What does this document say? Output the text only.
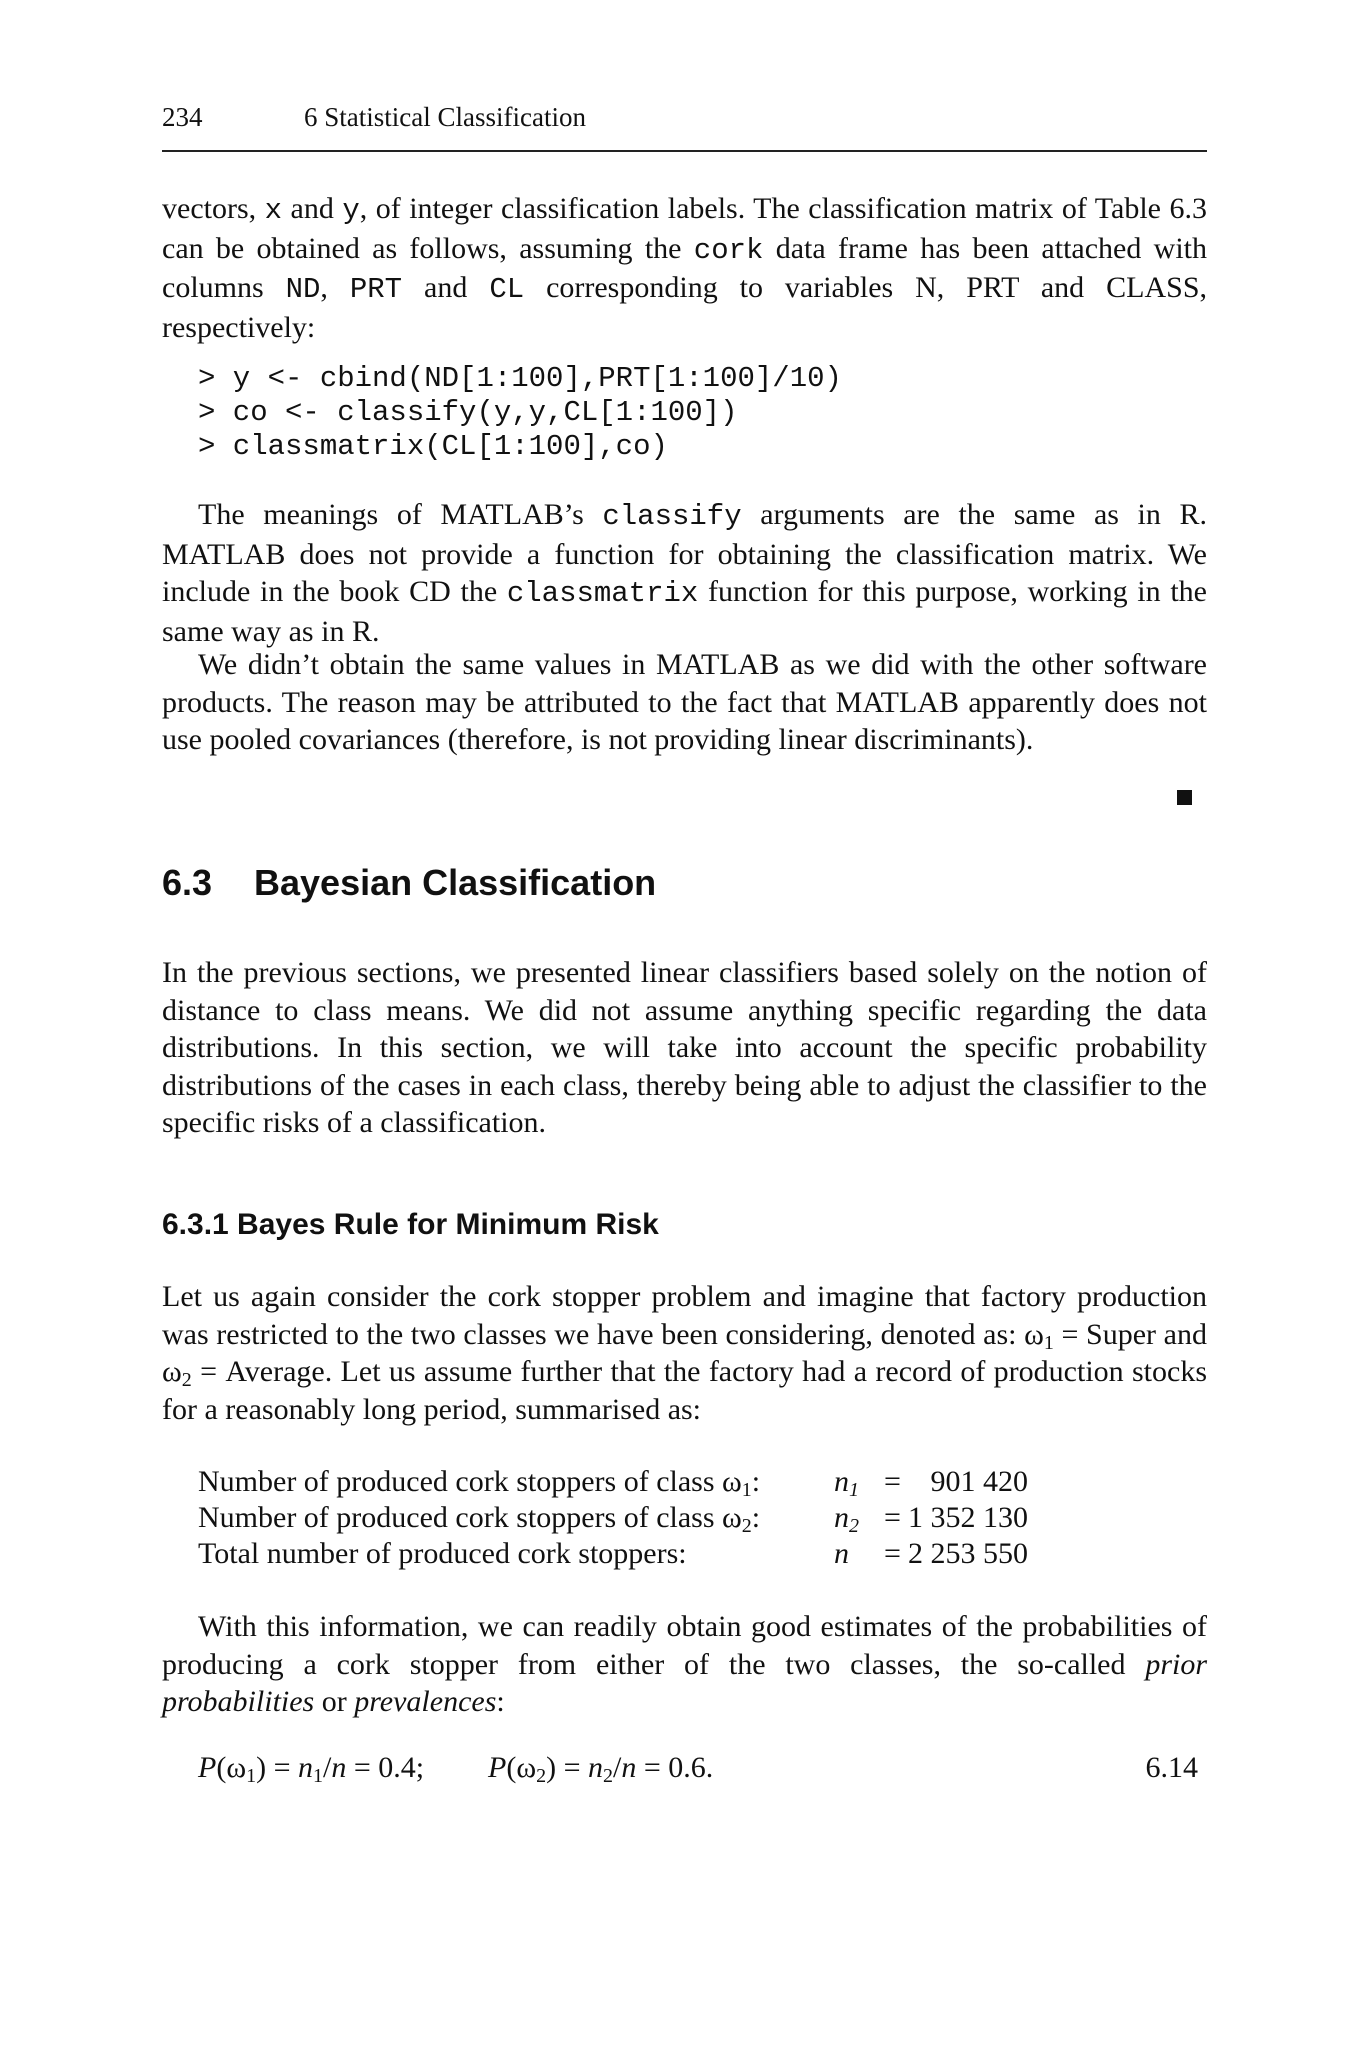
234	6 Statistical Classification

vectors, x and y, of integer classification labels. The classification matrix of Table 6.3 can be obtained as follows, assuming the cork data frame has been attached with columns ND, PRT and CL corresponding to variables N, PRT and CLASS, respectively:

> y <- cbind(ND[1:100],PRT[1:100]/10)
> co <- classify(y,y,CL[1:100])
> classmatrix(CL[1:100],co)

The meanings of MATLAB’s classify arguments are the same as in R. MATLAB does not provide a function for obtaining the classification matrix. We include in the book CD the classmatrix function for this purpose, working in the same way as in R.

We didn’t obtain the same values in MATLAB as we did with the other software products. The reason may be attributed to the fact that MATLAB apparently does not use pooled covariances (therefore, is not providing linear discriminants).

6.3 Bayesian Classification

In the previous sections, we presented linear classifiers based solely on the notion of distance to class means. We did not assume anything specific regarding the data distributions. In this section, we will take into account the specific probability distributions of the cases in each class, thereby being able to adjust the classifier to the specific risks of a classification.

6.3.1 Bayes Rule for Minimum Risk

Let us again consider the cork stopper problem and imagine that factory production was restricted to the two classes we have been considering, denoted as: $\omega_1$ = Super and $\omega_2$ = Average. Let us assume further that the factory had a record of production stocks for a reasonably long period, summarised as:

Number of produced cork stoppers of class $\omega_1$: $n_1 = 901$ 420
Number of produced cork stoppers of class $\omega_2$: $n_2 = 1$ 352 130
Total number of produced cork stoppers:	n = 2 253 550

With this information, we can readily obtain good estimates of the probabilities of producing a cork stopper from either of the two classes, the so-called prior probabilities or prevalences:

$P(\omega_1) = n_1/n = 0.4$; $P(\omega_2) = n_2/n = 0.6$.	6.14
